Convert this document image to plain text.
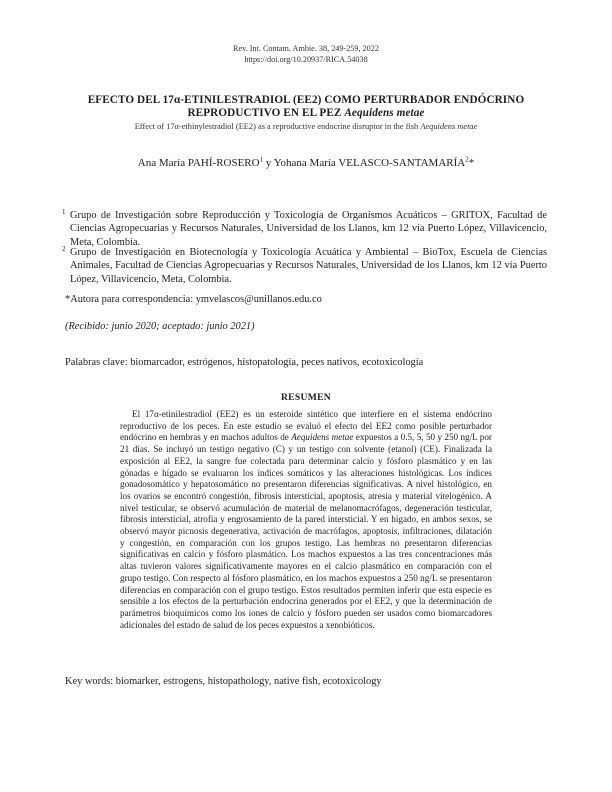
Rev. Int. Contam. Ambie. 38, 249-259, 2022
https://doi.org/10.20937/RICA.54038
EFECTO DEL 17α-ETINILESTRADIOL (EE2) COMO PERTURBADOR ENDÓCRINO
REPRODUCTIVO EN EL PEZ Aequidens metae
Effect of 17α-ethinylestradiol (EE2) as a reproductive endocrine disruptor in the fish Aequidens metae
Ana María PAHÍ-ROSERO$^1$ y Yohana María VELASCO-SANTAMARÍA$^2$*
1 Grupo de Investigación sobre Reproducción y Toxicología de Organismos Acuáticos – GRITOX, Facultad de Ciencias Agropecuarias y Recursos Naturales, Universidad de los Llanos, km 12 vía Puerto López, Villavicencio, Meta, Colombia.

2 Grupo de Investigación en Biotecnología y Toxicología Acuática y Ambiental – BioTox, Escuela de Ciencias Animales, Facultad de Ciencias Agropecuarias y Recursos Naturales, Universidad de los Llanos, km 12 vía Puerto López, Villavicencio, Meta, Colombia.

*Autora para correspondencia: ymvelascos@unillanos.edu.co
(Recibido: junio 2020; aceptado: junio 2021)
Palabras clave: biomarcador, estrógenos, histopatología, peces nativos, ecotoxicología
RESUMEN

El 17α-etinilestradiol (EE2) es un esteroide sintético que interfiere en el sistema endócrino reproductivo de los peces. En este estudio se evaluó el efecto del EE2 como posible perturbador endócrino en hembras y en machos adultos de Aequidens metae expuestos a 0.5, 5, 50 y 250 ng/L por 21 días. Se incluyó un testigo negativo (C) y un testigo con solvente (etanol) (CE). Finalizada la exposición al EE2, la sangre fue colectada para determinar calcio y fósforo plasmático y en las gónadas e hígado se evaluaron los índices somáticos y las alteraciones histológicas. Los índices gonadosomático y hepatosomático no presentaron diferencias significativas. A nivel histológico, en los ovarios se encontró congestión, fibrosis intersticial, apoptosis, atresia y material vitelogénico. A nivel testicular, se observó acumulación de material de melanomacrófagos, degeneración testicular, fibrosis intersticial, atrofia y engrosamiento de la pared intersticial. Y en hígado, en ambos sexos, se observó mayor picnosis degenerativa, activación de macrófagos, apoptosis, infiltraciones, dilatación y congestión, en comparación con los grupos testigo. Las hembras no presentaron diferencias significativas en calcio y fósforo plasmático. Los machos expuestos a las tres concentraciones más altas tuvieron valores significativamente mayores en el calcio plasmático en comparación con el grupo testigo. Con respecto al fósforo plasmático, en los machos expuestos a 250 ng/L se presentaron diferencias en comparación con el grupo testigo. Estos resultados permiten inferir que esta especie es sensible a los efectos de la perturbación endocrina generados por el EE2, y que la determinación de parámetros bioquímicos como los iones de calcio y fósforo pueden ser usados como biomarcadores adicionales del estado de salud de los peces expuestos a xenobióticos.

Key words: biomarker, estrogens, histopathology, native fish, ecotoxicology
